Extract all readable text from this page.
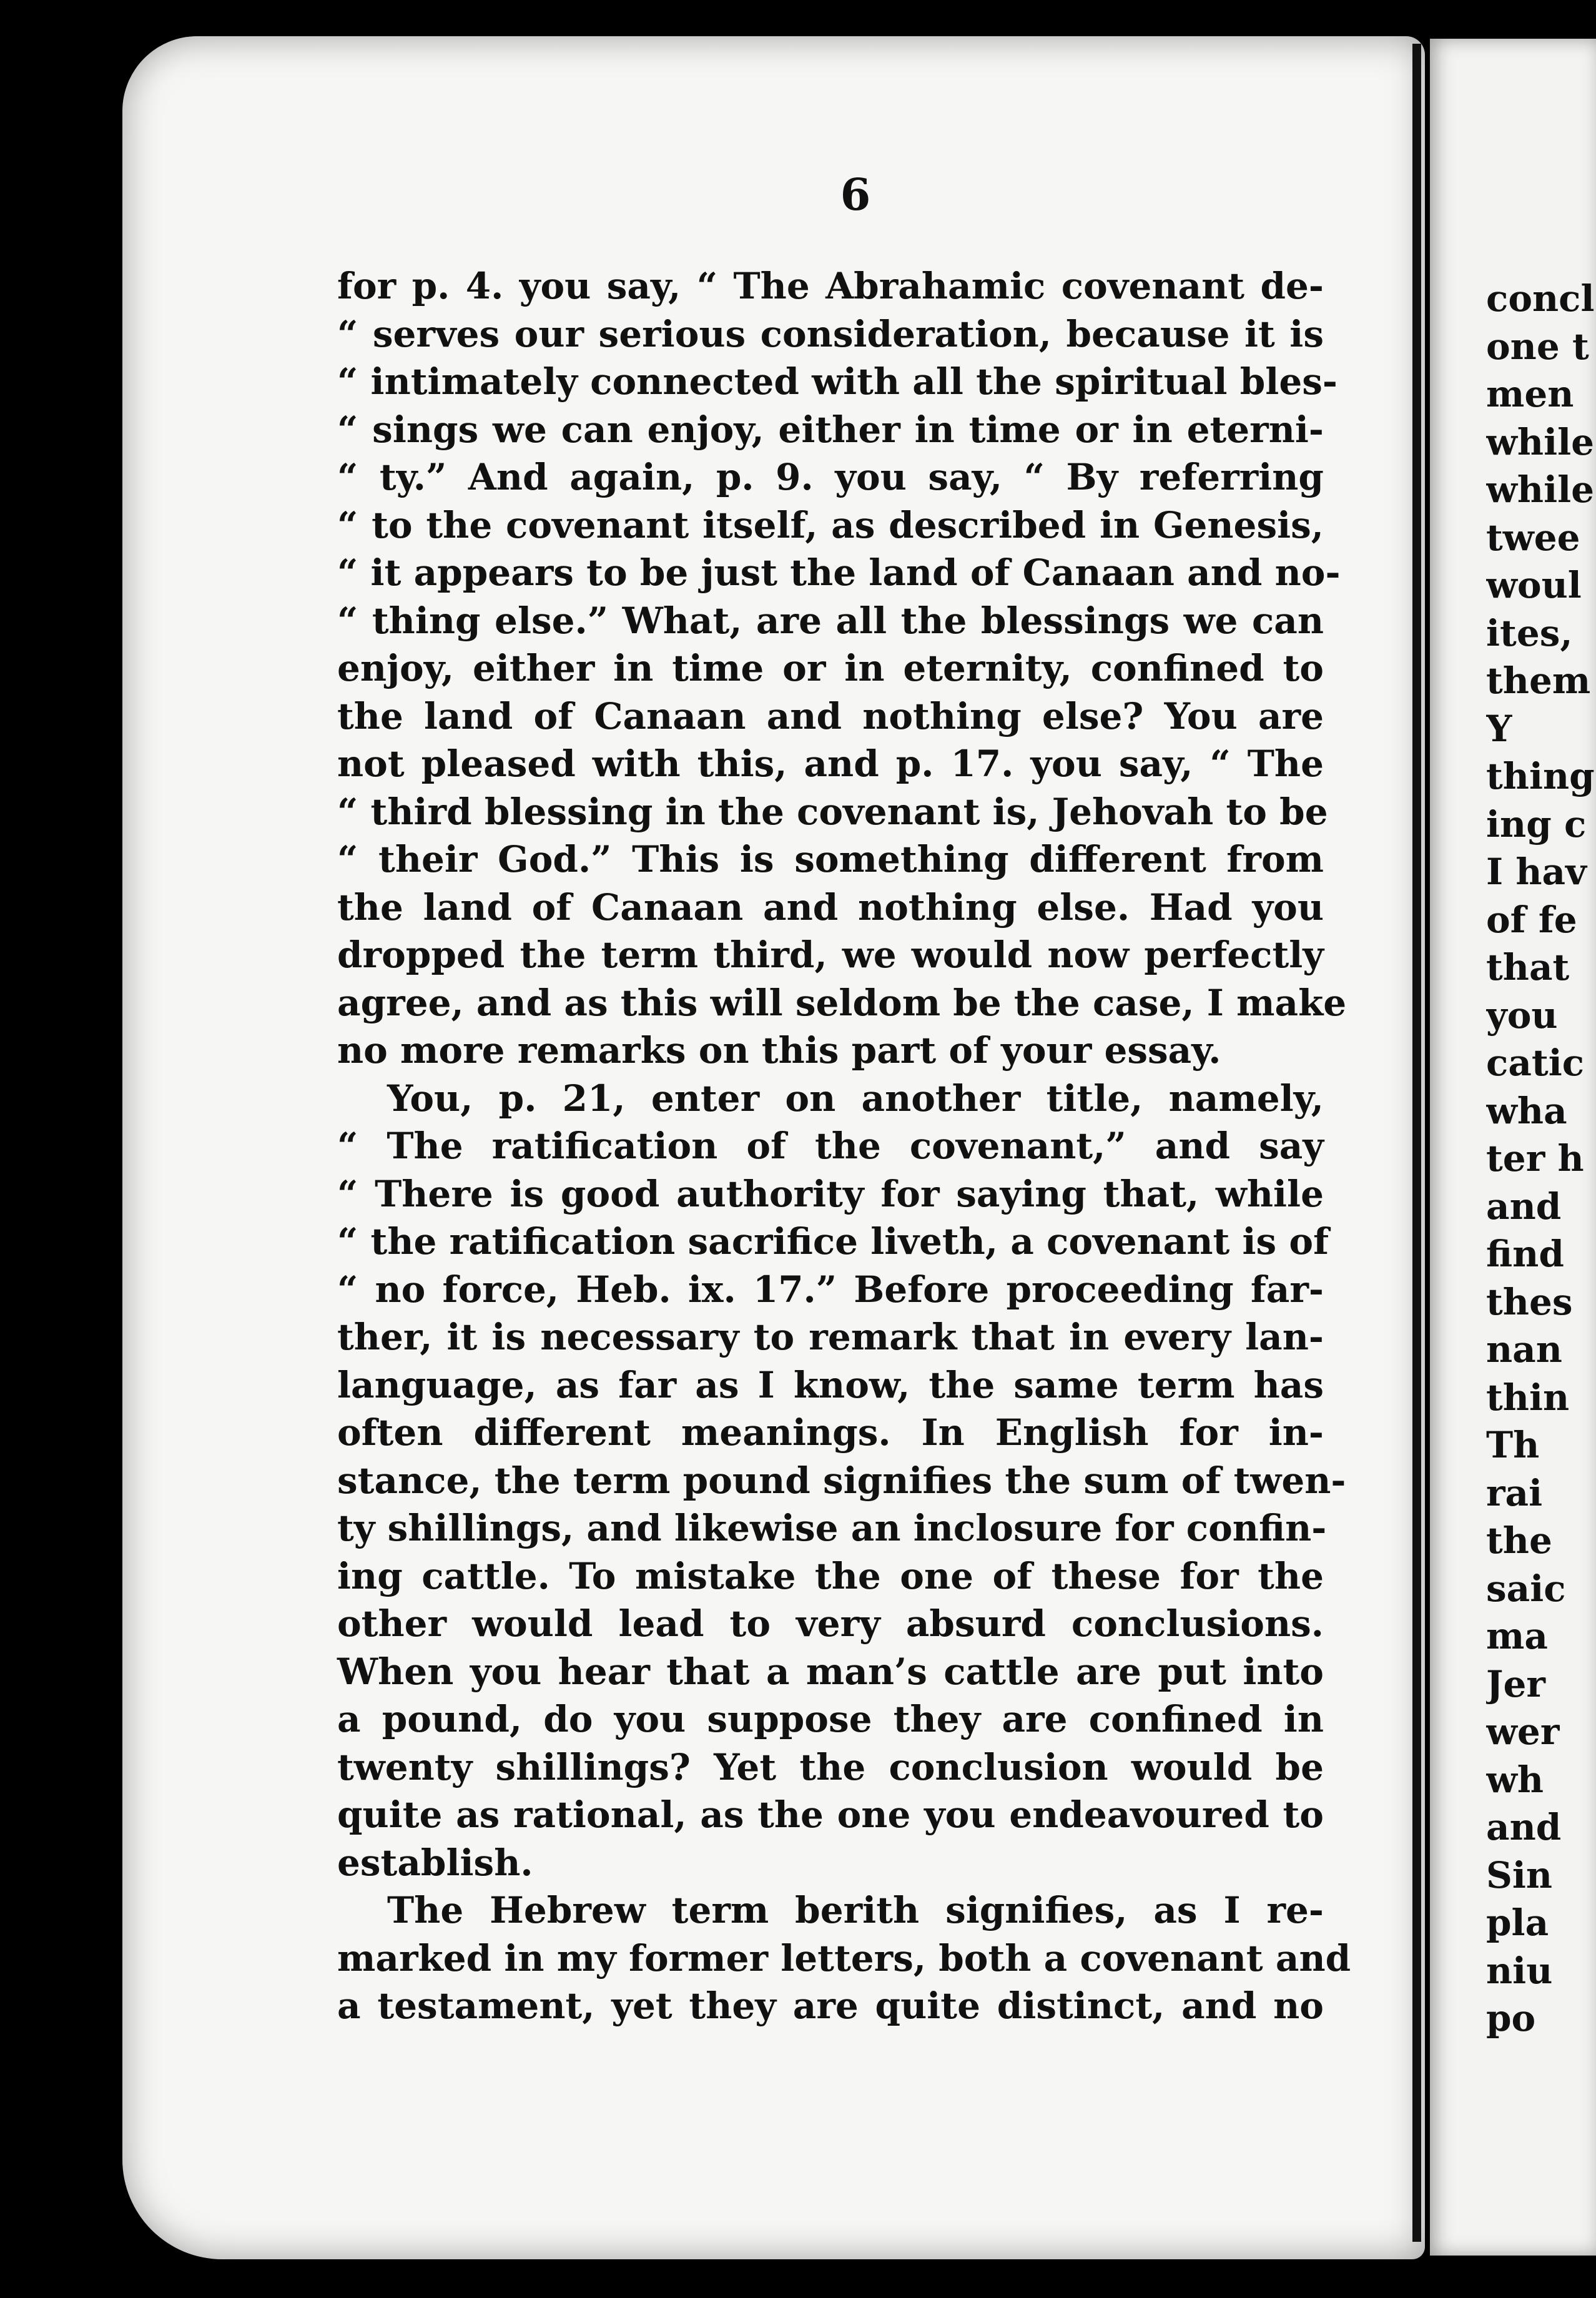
6
for p. 4. you say, “ The Abrahamic covenant de-
“ serves our serious consideration, because it is
“ intimately connected with all the spiritual bles-
“ sings we can enjoy, either in time or in eterni-
“ ty.” And again, p. 9. you say, “ By referring
“ to the covenant itself, as described in Genesis,
“ it appears to be just the land of Canaan and no-
“ thing else.” What, are all the blessings we can
enjoy, either in time or in eternity, confined to
the land of Canaan and nothing else? You are
not pleased with this, and p. 17. you say, “ The
“ third blessing in the covenant is, Jehovah to be
“ their God.” This is something different from
the land of Canaan and nothing else. Had you
dropped the term third, we would now perfectly
agree, and as this will seldom be the case, I make
no more remarks on this part of your essay.
You, p. 21, enter on another title, namely,
“ The ratification of the covenant,” and say
“ There is good authority for saying that, while
“ the ratification sacrifice liveth, a covenant is of
“ no force, Heb. ix. 17.” Before proceeding far-
ther, it is necessary to remark that in every lan-
language, as far as I know, the same term has
often different meanings. In English for in-
stance, the term pound signifies the sum of twen-
ty shillings, and likewise an inclosure for confin-
ing cattle. To mistake the one of these for the
other would lead to very absurd conclusions.
When you hear that a man’s cattle are put into
a pound, do you suppose they are confined in
twenty shillings? Yet the conclusion would be
quite as rational, as the one you endeavoured to
establish.
The Hebrew term berith signifies, as I re-
marked in my former letters, both a covenant and
a testament, yet they are quite distinct, and no
concl
one t
men
while
while
twee
woul
ites,
them
Y
thing
ing c
I hav
of fe
that
you
catic
wha
ter h
and
find
thes
nan
thin
Th
rai
the
saic
ma
Jer
wer
wh
and
Sin
pla
niu
po
